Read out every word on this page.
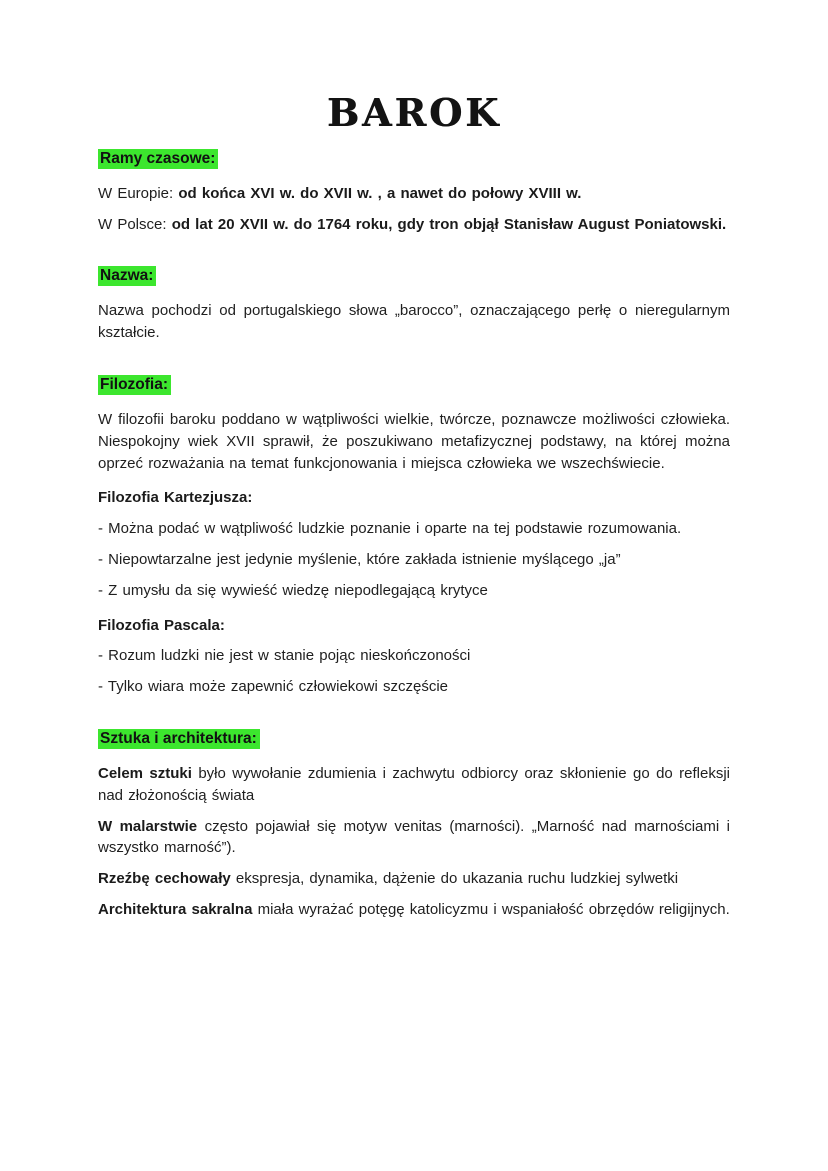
BAROK
Ramy czasowe:

W Europie: od końca XVI w. do XVII w. , a nawet do połowy XVIII w.

W Polsce: od lat 20 XVII w. do 1764 roku, gdy tron objął Stanisław August Poniatowski.

Nazwa:

Nazwa pochodzi od portugalskiego słowa „barocco”, oznaczającego perłę o nieregularnym kształcie.

Filozofia:

W filozofii baroku poddano w wątpliwości wielkie, twórcze, poznawcze możliwości człowieka. Niespokojny wiek XVII sprawił, że poszukiwano metafizycznej podstawy, na której można oprzeć rozważania na temat funkcjonowania i miejsca człowieka we wszechświecie.

Filozofia Kartezjusza:

- Można podać w wątpliwość ludzkie poznanie i oparte na tej podstawie rozumowania.

- Niepowtarzalne jest jedynie myślenie, które zakłada istnienie myślącego „ja”

- Z umysłu da się wywieść wiedzę niepodlegającą krytyce

Filozofia Pascala:

- Rozum ludzki nie jest w stanie pojąc nieskończoności

- Tylko wiara może zapewnić człowiekowi szczęście

Sztuka i architektura:

Celem sztuki było wywołanie zdumienia i zachwytu odbiorcy oraz skłonienie go do refleksji nad złożonością świata

W malarstwie często pojawiał się motyw venitas (marności). „Marność nad marnościami i wszystko marność”).

Rzeźbę cechowały ekspresja, dynamika, dążenie do ukazania ruchu ludzkiej sylwetki

Architektura sakralna miała wyrażać potęgę katolicyzmu i wspaniałość obrzędów religijnych.
